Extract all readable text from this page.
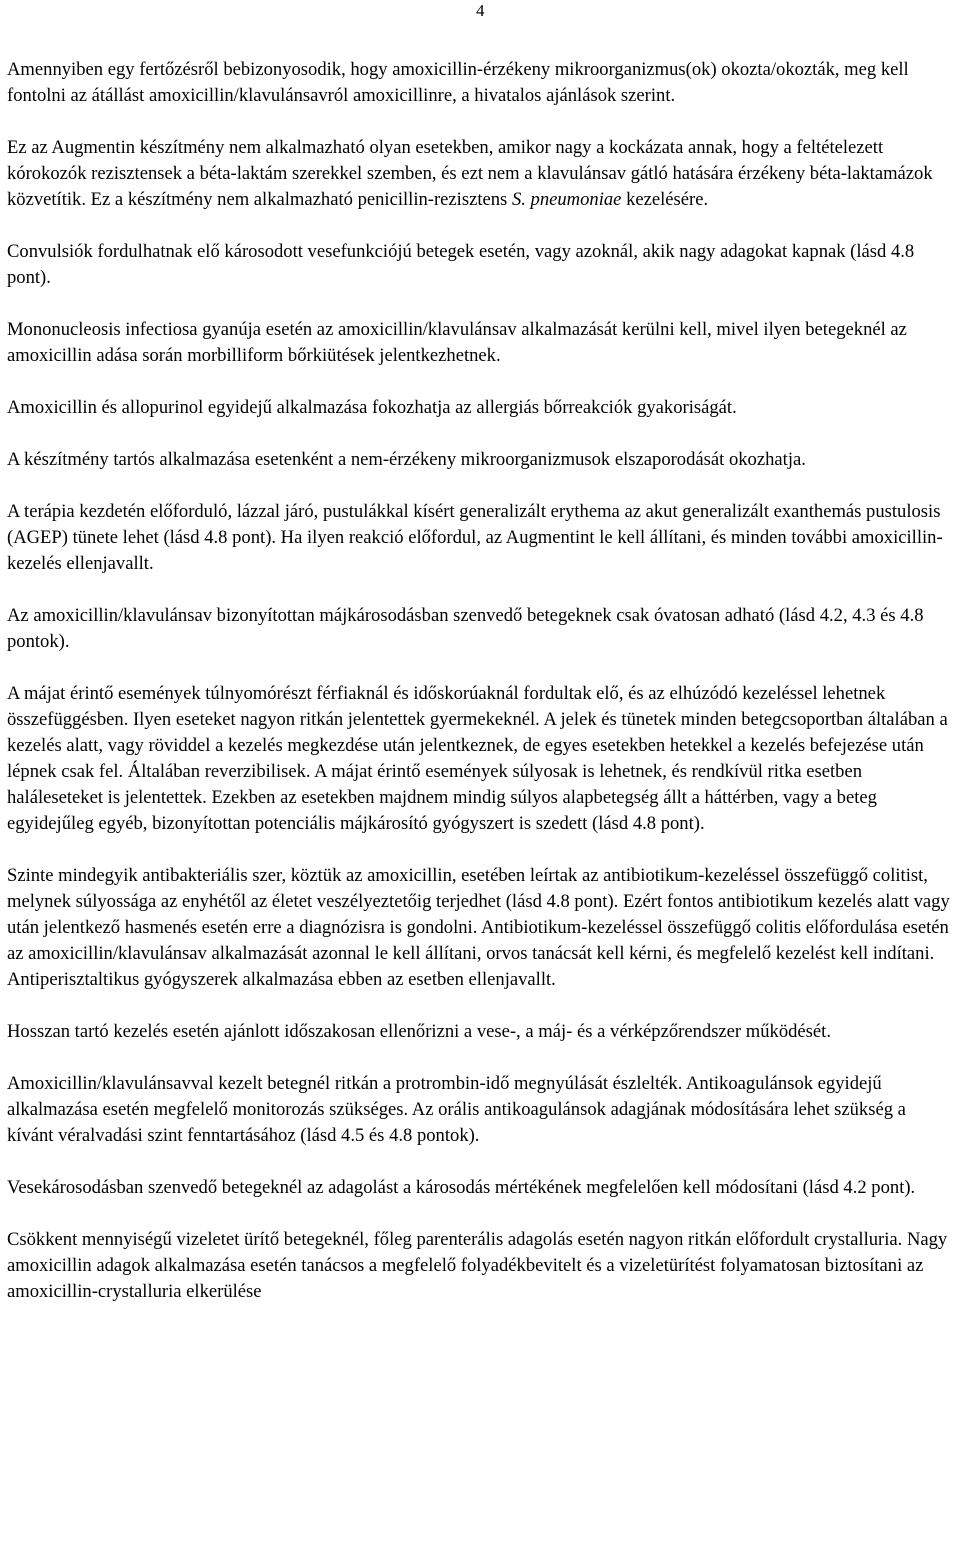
4

Amennyiben egy fertőzésről bebizonyosodik, hogy amoxicillin-érzékeny mikroorganizmus(ok) okozta/okozták, meg kell fontolni az átállást amoxicillin/klavulánsavról amoxicillinre, a hivatalos ajánlások szerint.

Ez az Augmentin készítmény nem alkalmazható olyan esetekben, amikor nagy a kockázata annak, hogy a feltételezett kórokozók rezisztensek a béta-laktám szerekkel szemben, és ezt nem a klavulánsav gátló hatására érzékeny béta-laktamázok közvetítik. Ez a készítmény nem alkalmazható penicillin-rezisztens S. pneumoniae kezelésére.

Convulsiók fordulhatnak elő károsodott vesefunkciójú betegek esetén, vagy azoknál, akik nagy adagokat kapnak (lásd 4.8 pont).

Mononucleosis infectiosa gyanúja esetén az amoxicillin/klavulánsav alkalmazását kerülni kell, mivel ilyen betegeknél az amoxicillin adása során morbilliform bőrkiütések jelentkezhetnek.

Amoxicillin és allopurinol egyidejű alkalmazása fokozhatja az allergiás bőrreakciók gyakoriságát.

A készítmény tartós alkalmazása esetenként a nem-érzékeny mikroorganizmusok elszaporodását okozhatja.

A terápia kezdetén előforduló, lázzal járó, pustulákkal kísért generalizált erythema az akut generalizált exanthemás pustulosis (AGEP) tünete lehet (lásd 4.8 pont). Ha ilyen reakció előfordul, az Augmentint le kell állítani, és minden további amoxicillin-kezelés ellenjavallt.

Az amoxicillin/klavulánsav bizonyítottan májkárosodásban szenvedő betegeknek csak óvatosan adható (lásd 4.2, 4.3 és 4.8 pontok).

A májat érintő események túlnyomórészt férfiaknál és időskorúaknál fordultak elő, és az elhúzódó kezeléssel lehetnek összefüggésben. Ilyen eseteket nagyon ritkán jelentettek gyermekeknél. A jelek és tünetek minden betegcsoportban általában a kezelés alatt, vagy röviddel a kezelés megkezdése után jelentkeznek, de egyes esetekben hetekkel a kezelés befejezése után lépnek csak fel. Általában reverzibilisek. A májat érintő események súlyosak is lehetnek, és rendkívül ritka esetben haláleseteket is jelentettek. Ezekben az esetekben majdnem mindig súlyos alapbetegség állt a háttérben, vagy a beteg egyidejűleg egyéb, bizonyítottan potenciális májkárosító gyógyszert is szedett (lásd 4.8 pont).

Szinte mindegyik antibakteriális szer, köztük az amoxicillin, esetében leírtak az antibiotikum-kezeléssel összefüggő colitist, melynek súlyossága az enyhétől az életet veszélyeztetőig terjedhet (lásd 4.8 pont). Ezért fontos antibiotikum kezelés alatt vagy után jelentkező hasmenés esetén erre a diagnózisra is gondolni. Antibiotikum-kezeléssel összefüggő colitis előfordulása esetén az amoxicillin/klavulánsav alkalmazását azonnal le kell állítani, orvos tanácsát kell kérni, és megfelelő kezelést kell indítani. Antiperisztaltikus gyógyszerek alkalmazása ebben az esetben ellenjavallt.

Hosszan tartó kezelés esetén ajánlott időszakosan ellenőrizni a vese-, a máj- és a vérképzőrendszer működését.

Amoxicillin/klavulánsavval kezelt betegnél ritkán a protrombin-idő megnyúlását észlelték. Antikoagulánsok egyidejű alkalmazása esetén megfelelő monitorozás szükséges. Az orális antikoagulánsok adagjának módosítására lehet szükség a kívánt véralvadási szint fenntartásához (lásd 4.5 és 4.8 pontok).

Vesekárosodásban szenvedő betegeknél az adagolást a károsodás mértékének megfelelően kell módosítani (lásd 4.2 pont).

Csökkent mennyiségű vizeletet ürítő betegeknél, főleg parenterális adagolás esetén nagyon ritkán előfordult crystalluria. Nagy amoxicillin adagok alkalmazása esetén tanácsos a megfelelő folyadékbevitelt és a vizeletürítést folyamatosan biztosítani az amoxicillin-crystalluria elkerülése
